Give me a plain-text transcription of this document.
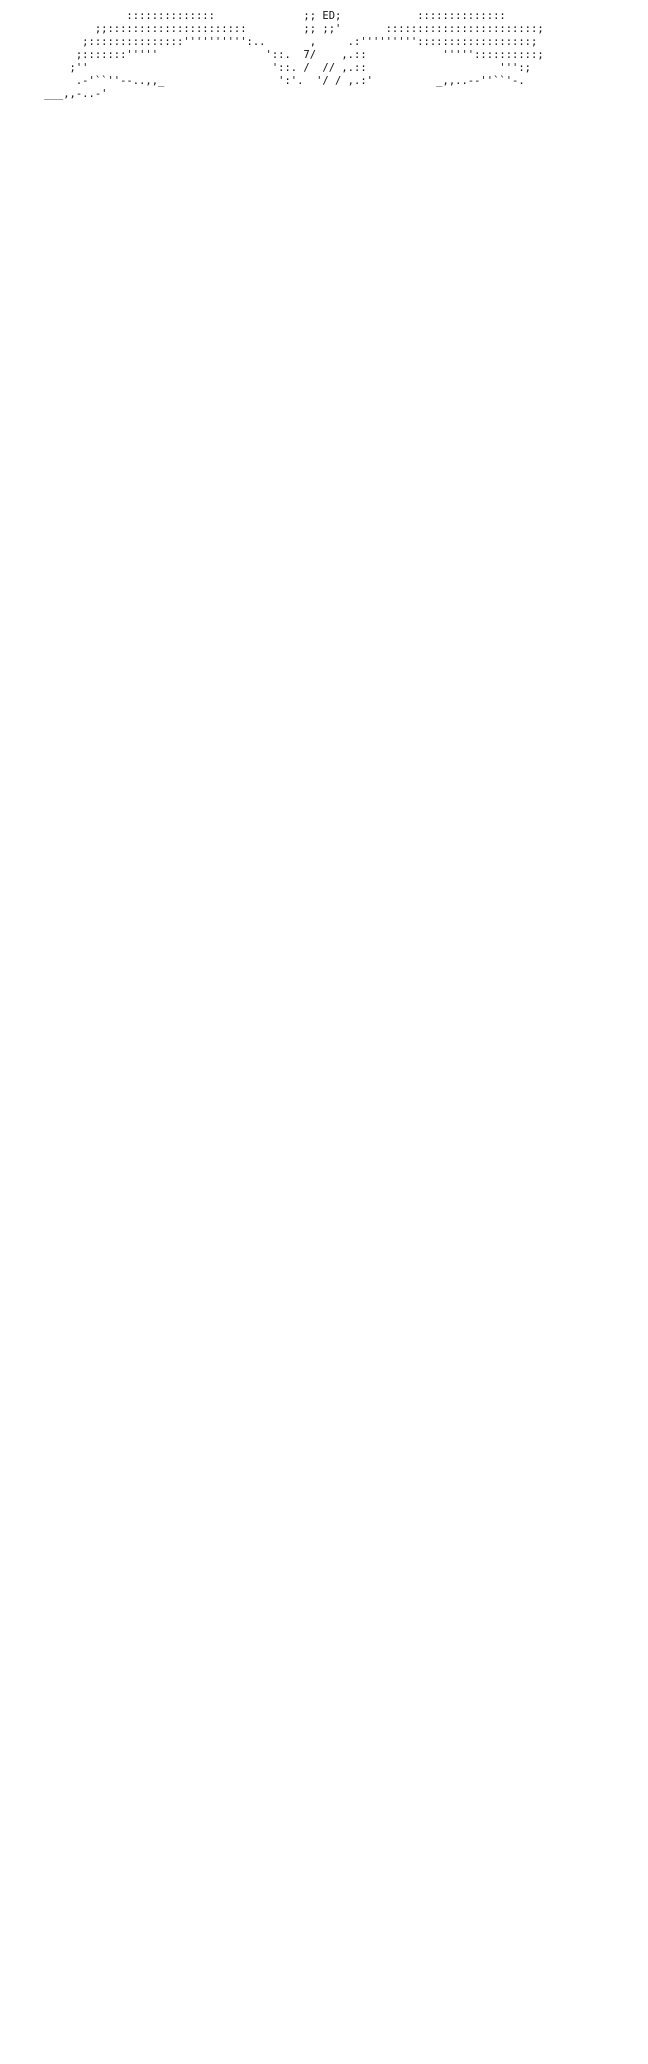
::::::::::::::              ;; ED;            ::::::::::::::
;;::::::::::::::::::::::         ;; ;;'       ::::::::::::::::::::::::;
;:::::::::::::::'''''''''':..       ,     .:'''''''''::::::::::::::::::;
;:::::::'''''                 '::.  7/    ,.::            '''''::::::::::;
;''                             '::. /  // ,.::                     ''':;
.-'``''--..,,_                  ':'.  '/ / ,.:'          _,,..--''``'-.
___,,-..-'
